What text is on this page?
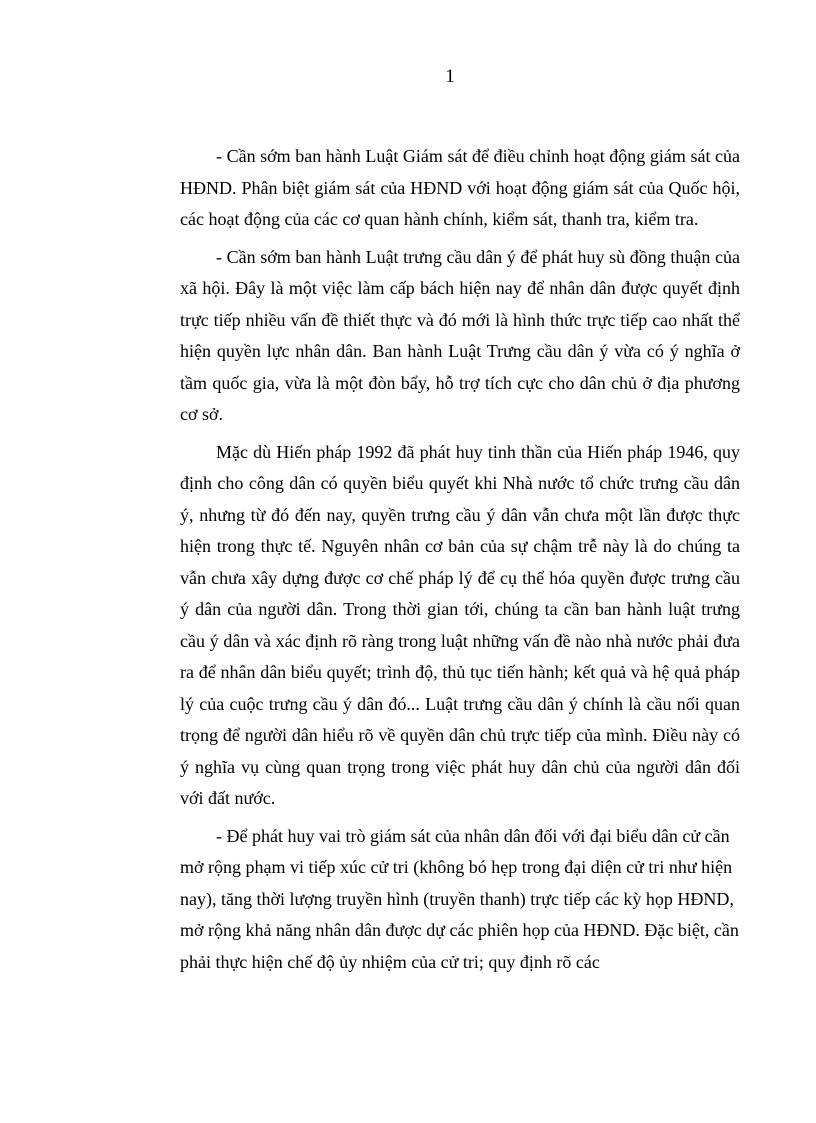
1

- Cần sớm ban hành Luật Giám sát để điều chỉnh hoạt động giám sát của HĐND. Phân biệt giám sát của HĐND với hoạt động giám sát của Quốc hội, các hoạt động của các cơ quan hành chính, kiểm sát, thanh tra, kiểm tra.

- Cần sớm ban hành Luật trưng cầu dân ý để phát huy sù đồng thuận của xã hội. Đây là một việc làm cấp bách hiện nay để nhân dân được quyết định trực tiếp nhiều vấn đề thiết thực và đó mới là hình thức trực tiếp cao nhất thể hiện quyền lực nhân dân. Ban hành Luật Trưng cầu dân ý vừa có ý nghĩa ở tầm quốc gia, vừa là một đòn bẩy, hỗ trợ tích cực cho dân chủ ở địa phương cơ sở.

Mặc dù Hiến pháp 1992 đã phát huy tinh thần của Hiến pháp 1946, quy định cho công dân có quyền biểu quyết khi Nhà nước tổ chức trưng cầu dân ý, nhưng từ đó đến nay, quyền trưng cầu ý dân vẫn chưa một lần được thực hiện trong thực tế. Nguyên nhân cơ bản của sự chậm trễ này là do chúng ta vẫn chưa xây dựng được cơ chế pháp lý để cụ thể hóa quyền được trưng cầu ý dân của người dân. Trong thời gian tới, chúng ta cần ban hành luật trưng cầu ý dân và xác định rõ ràng trong luật những vấn đề nào nhà nước phải đưa ra để nhân dân biểu quyết; trình độ, thủ tục tiến hành; kết quả và hệ quả pháp lý của cuộc trưng cầu ý dân đó... Luật trưng cầu dân ý chính là cầu nối quan trọng để người dân hiểu rõ về quyền dân chủ trực tiếp của mình. Điều này có ý nghĩa vụ cùng quan trọng trong việc phát huy dân chủ của người dân đối với đất nước.

- Để phát huy vai trò giám sát của nhân dân đối với đại biểu dân cử cần mở rộng phạm vi tiếp xúc cử tri (không bó hẹp trong đại diện cử tri như hiện nay), tăng thời lượng truyền hình (truyền thanh) trực tiếp các kỳ họp HĐND, mở rộng khả năng nhân dân được dự các phiên họp của HĐND. Đặc biệt, cần phải thực hiện chế độ ủy nhiệm của cử tri; quy định rõ các
